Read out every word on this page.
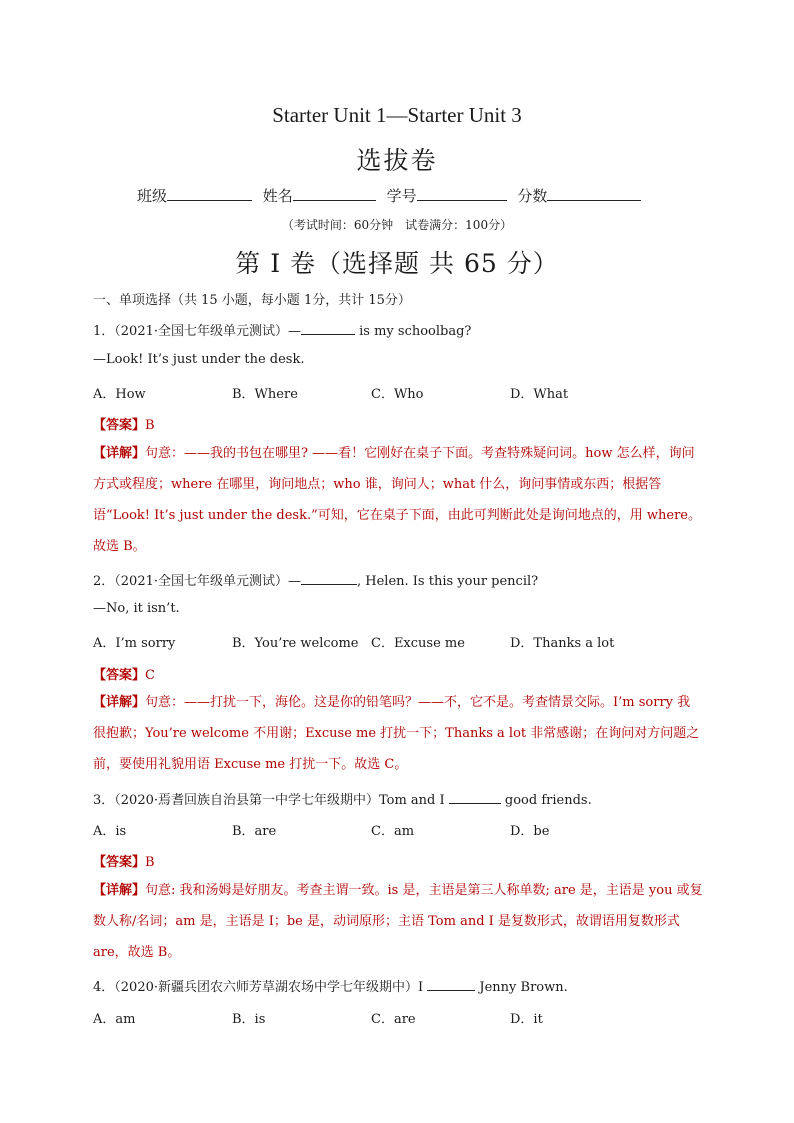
Starter Unit 1—Starter Unit 3
选拔卷
班级	姓名	学号	分数
（考试时间：60分钟　试卷满分：100分）
第 I 卷（选择题 共 65 分）
一、单项选择（共 15 小题，每小题 1分，共计 15分）
1．（2021·全国七年级单元测试）—	is my schoolbag?
—Look! It’s just under the desk.
A．How	B．Where	C．Who	D．What
【答案】B
【详解】句意：——我的书包在哪里? ——看！它刚好在桌子下面。考查特殊疑问词。how 怎么样，询问方式或程度；where 在哪里，询问地点；who 谁，询问人；what 什么，询问事情或东西；根据答语“Look! It’s just under the desk.”可知，它在桌子下面，由此可判断此处是询问地点的，用 where。故选 B。
2．（2021·全国七年级单元测试）—	, Helen. Is this your pencil?
—No, it isn’t.
A．I’m sorry	B．You’re welcome C．Excuse me	D．Thanks a lot
【答案】C
【详解】句意：——打扰一下，海伦。这是你的铅笔吗？——不，它不是。考查情景交际。I’m sorry 我很抱歉；You’re welcome 不用谢；Excuse me 打扰一下；Thanks a lot 非常感谢；在询问对方问题之前，要使用礼貌用语 Excuse me 打扰一下。故选 C。
3．（2020·焉耆回族自治县第一中学七年级期中）Tom and I	good friends.
A．is	B．are	C．am	D．be
【答案】B
【详解】句意: 我和汤姆是好朋友。考查主谓一致。is 是，主语是第三人称单数; are 是，主语是 you 或复数人称/名词；am 是，主语是 I；be 是，动词原形；主语 Tom and I 是复数形式，故谓语用复数形式 are，故选 B。
4．（2020·新疆兵团农六师芳草湖农场中学七年级期中）I	Jenny Brown.
A．am	B．is	C．are	D．it
